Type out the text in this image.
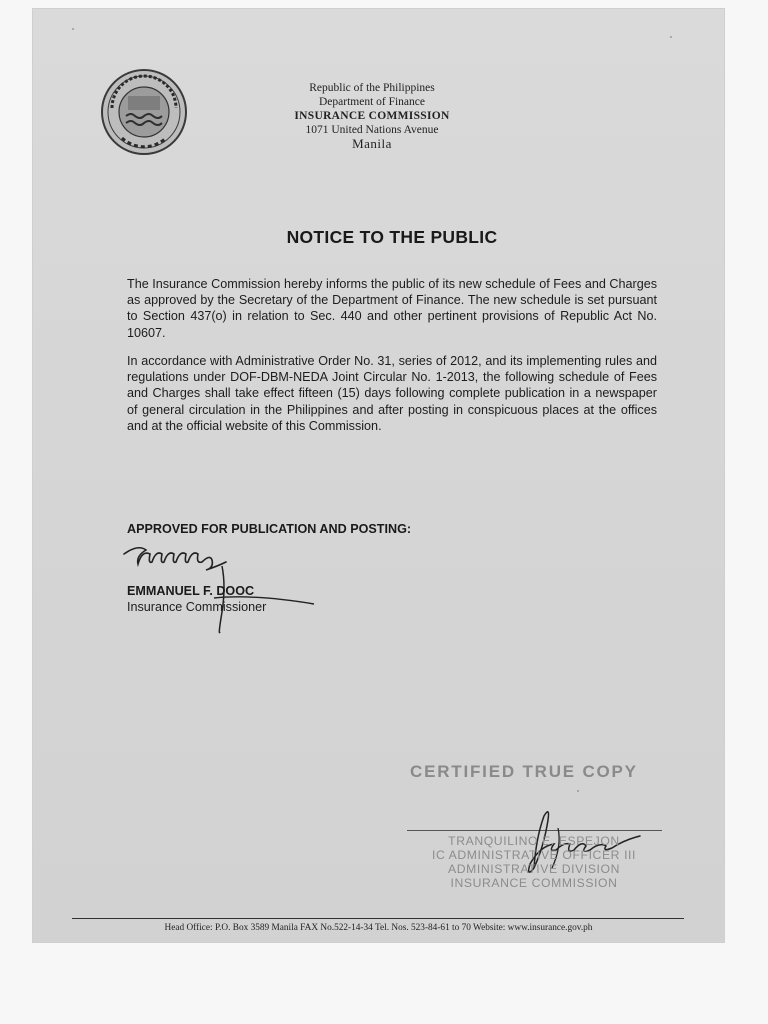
Republic of the Philippines
Department of Finance
INSURANCE COMMISSION
1071 United Nations Avenue
Manila
NOTICE TO THE PUBLIC
The Insurance Commission hereby informs the public of its new schedule of Fees and Charges as approved by the Secretary of the Department of Finance. The new schedule is set pursuant to Section 437(o) in relation to Sec. 440 and other pertinent provisions of Republic Act No. 10607.
In accordance with Administrative Order No. 31, series of 2012, and its implementing rules and regulations under DOF-DBM-NEDA Joint Circular No. 1-2013, the following schedule of Fees and Charges shall take effect fifteen (15) days following complete publication in a newspaper of general circulation in the Philippines and after posting in conspicuous places at the offices and at the official website of this Commission.
APPROVED FOR PUBLICATION AND POSTING:
EMMANUEL F. DOOC
Insurance Commissioner
CERTIFIED TRUE COPY
TRANQUILINO E. ESPEJON
IC ADMINISTRATIVE OFFICER III
ADMINISTRATIVE DIVISION
INSURANCE COMMISSION
Head Office: P.O. Box 3589 Manila FAX No.522-14-34 Tel. Nos. 523-84-61 to 70 Website: www.insurance.gov.ph
